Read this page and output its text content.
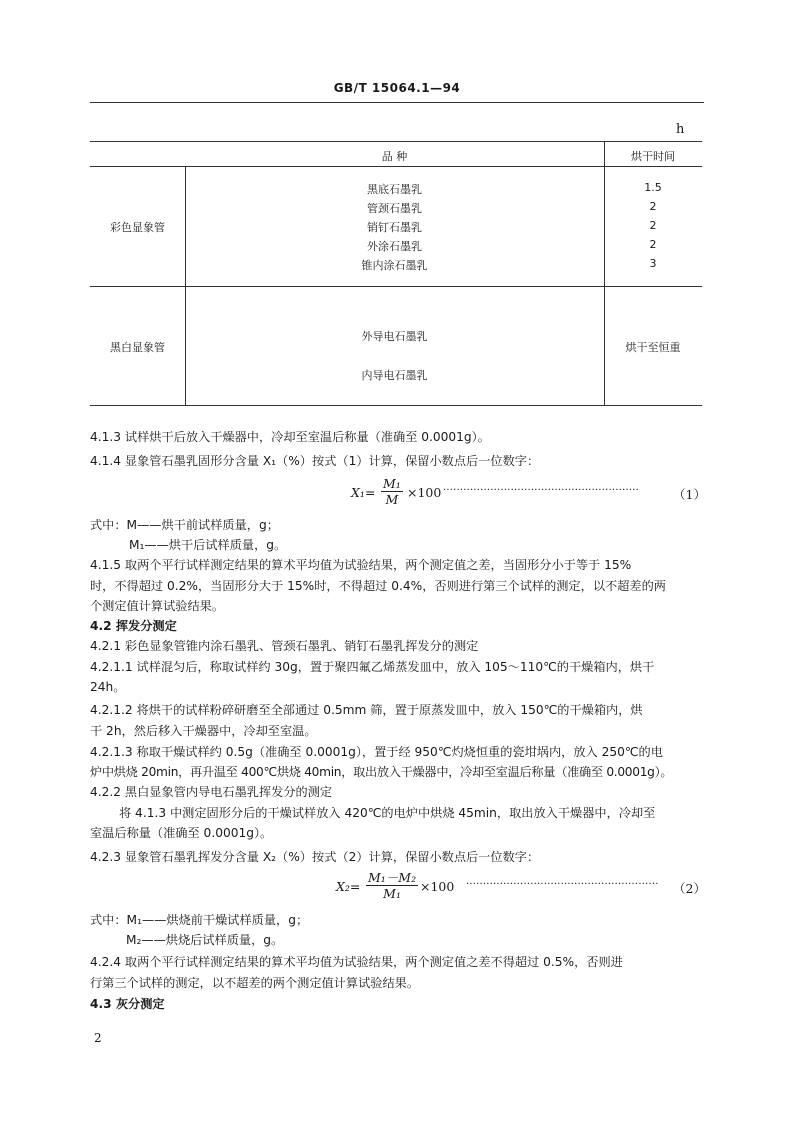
GB/T 15064.1—94
h
品 种	烘干时间
彩色显象管
黑底石墨乳
管颈石墨乳
销钉石墨乳
外涂石墨乳
锥内涂石墨乳
1.5
2
2
2
3
黑白显象管
外导电石墨乳
内导电石墨乳
烘干至恒重
4.1.3 试样烘干后放入干燥器中，冷却至室温后称量（准确至 0.0001g）。
4.1.4 显象管石墨乳固形分含量 X₁（%）按式（1）计算，保留小数点后一位数字：
$X_1= \frac{\text{M₁}}{M} \times 100$ ··························································	（1）
式中：M——烘干前试样质量，g；
M₁——烘干后试样质量，g。
4.1.5 取两个平行试样测定结果的算术平均值为试验结果，两个测定值之差，当固形分小于等于 15%
时，不得超过 0.2%，当固形分大于 15%时，不得超过 0.4%，否则进行第三个试样的测定，以不超差的两
个测定值计算试验结果。
4.2 挥发分测定
4.2.1 彩色显象管锥内涂石墨乳、管颈石墨乳、销钉石墨乳挥发分的测定
4.2.1.1 试样混匀后，称取试样约 30g，置于聚四氟乙烯蒸发皿中，放入 105～110℃的干燥箱内，烘干
24h。
4.2.1.2 将烘干的试样粉碎研磨至全部通过 0.5mm 筛，置于原蒸发皿中，放入 150℃的干燥箱内，烘
干 2h，然后移入干燥器中，冷却至室温。
4.2.1.3 称取干燥试样约 0.5g（准确至 0.0001g），置于经 950℃灼烧恒重的瓷坩埚内，放入 250℃的电
炉中烘烧 20min，再升温至 400℃烘烧 40min，取出放入干燥器中，冷却至室温后称量（准确至 0.0001g）。
4.2.2 黑白显象管内导电石墨乳挥发分的测定
将 4.1.3 中测定固形分后的干燥试样放入 420℃的电炉中烘烧 45min，取出放入干燥器中，冷却至
室温后称量（准确至 0.0001g）。
4.2.3 显象管石墨乳挥发分含量 X₂（%）按式（2）计算，保留小数点后一位数字：
$X_2= \frac{\text{M₁－M₂}}{\text{M₁}} \times 100$ ························································· （2）
式中：M₁——烘烧前干燥试样质量，g；
M₂——烘烧后试样质量，g。
4.2.4 取两个平行试样测定结果的算术平均值为试验结果，两个测定值之差不得超过 0.5%，否则进
行第三个试样的测定，以不超差的两个测定值计算试验结果。
4.3 灰分测定
2
